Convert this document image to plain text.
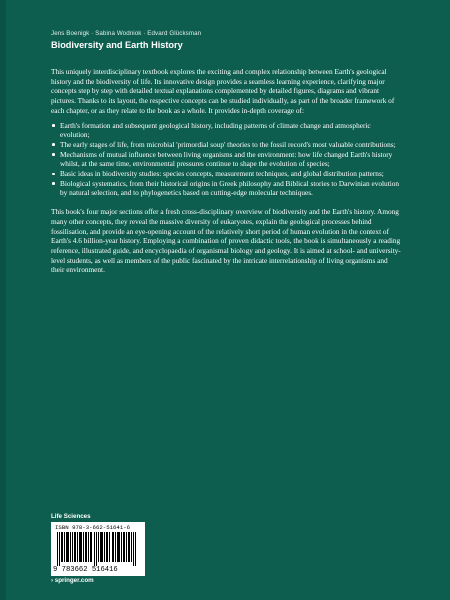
Jens Boenigk · Sabina Wodniok · Edvard Glücksman
Biodiversity and Earth History

This uniquely interdisciplinary textbook explores the exciting and complex relationship between Earth's geological history and the biodiversity of life. Its innovative design provides a seamless learning experience, clarifying major concepts step by step with detailed textual explanations complemented by detailed figures, diagrams and vibrant pictures. Thanks to its layout, the respective concepts can be studied individually, as part of the broader framework of each chapter, or as they relate to the book as a whole. It provides in-depth coverage of:

Earth's formation and subsequent geological history, including patterns of climate change and atmospheric evolution;
The early stages of life, from microbial 'primordial soup' theories to the fossil record's most valuable contributions;
Mechanisms of mutual influence between living organisms and the environment: how life changed Earth's history whilst, at the same time, environmental pressures continue to shape the evolution of species;
Basic ideas in biodiversity studies: species concepts, measurement techniques, and global distribution patterns;
Biological systematics, from their historical origins in Greek philosophy and Biblical stories to Darwinian evolution by natural selection, and to phylogenetics based on cutting-edge molecular techniques.

This book's four major sections offer a fresh cross-disciplinary overview of biodiversity and the Earth's history. Among many other concepts, they reveal the massive diversity of eukaryotes, explain the geological processes behind fossilisation, and provide an eye-opening account of the relatively short period of human evolution in the context of Earth's 4.6 billion-year history. Employing a combination of proven didactic tools, the book is simultaneously a reading reference, illustrated guide, and encyclopaedia of organismal biology and geology. It is aimed at school- and university-level students, as well as members of the public fascinated by the intricate interrelationship of living organisms and their environment.

Life Sciences
ISBN 978-3-662-51641-6
9 783662 516416
› springer.com
